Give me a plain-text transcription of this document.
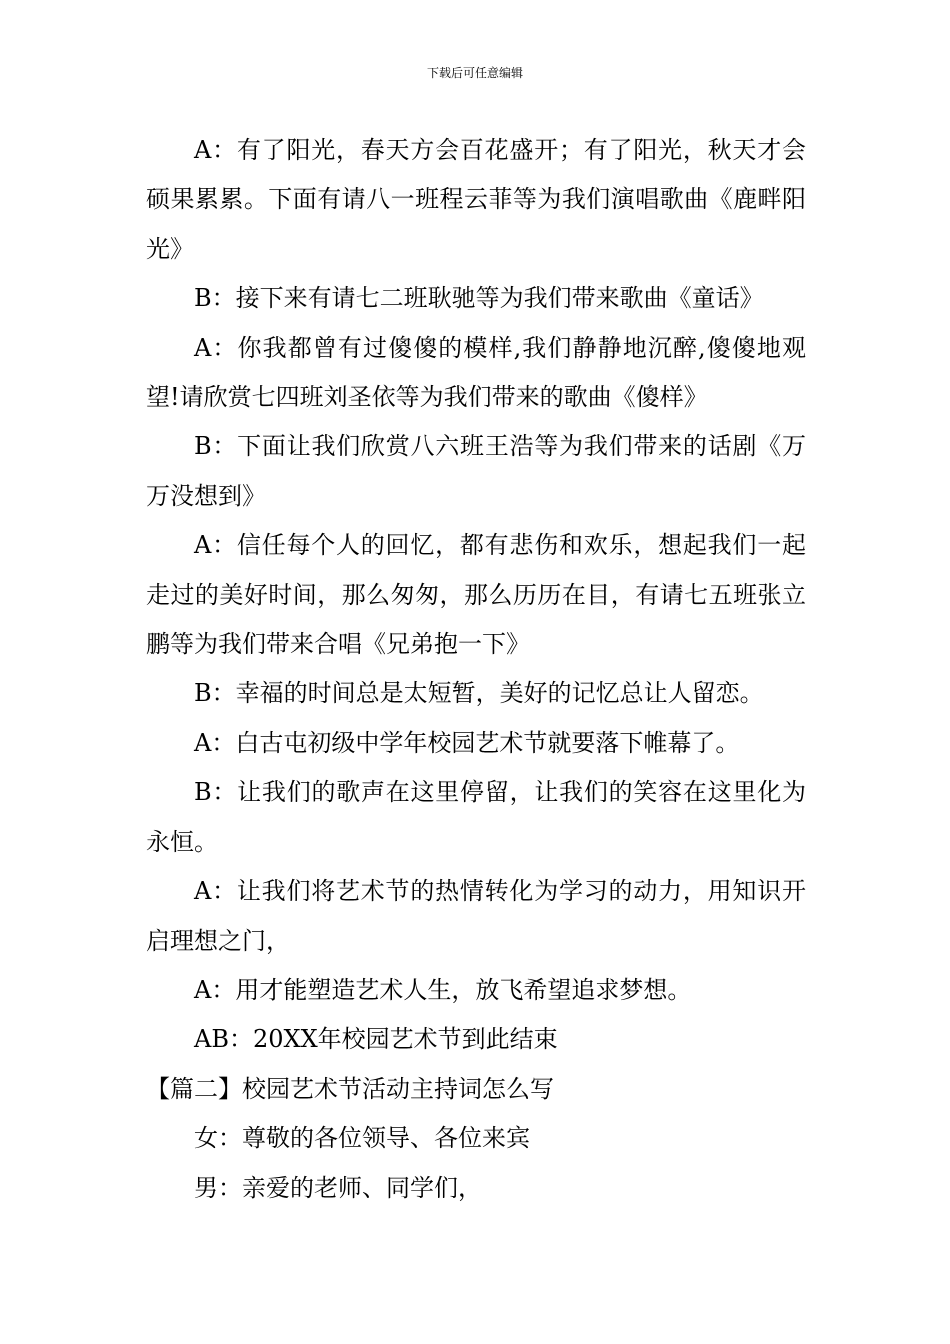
下载后可任意编辑

A：有了阳光，春天方会百花盛开；有了阳光，秋天才会硕果累累。下面有请八一班程云菲等为我们演唱歌曲《鹿畔阳光》

B：接下来有请七二班耿驰等为我们带来歌曲《童话》

A：你我都曾有过傻傻的模样,我们静静地沉醉,傻傻地观望!请欣赏七四班刘圣依等为我们带来的歌曲《傻样》

B：下面让我们欣赏八六班王浩等为我们带来的话剧《万万没想到》

A：信任每个人的回忆，都有悲伤和欢乐，想起我们一起走过的美好时间，那么匆匆，那么历历在目，有请七五班张立鹏等为我们带来合唱《兄弟抱一下》

B：幸福的时间总是太短暂，美好的记忆总让人留恋。

A：白古屯初级中学年校园艺术节就要落下帷幕了。

B：让我们的歌声在这里停留，让我们的笑容在这里化为永恒。

A：让我们将艺术节的热情转化为学习的动力，用知识开启理想之门，

A：用才能塑造艺术人生，放飞希望追求梦想。

AB：20XX年校园艺术节到此结束

【篇二】校园艺术节活动主持词怎么写

女：尊敬的各位领导、各位来宾

男：亲爱的老师、同学们，
